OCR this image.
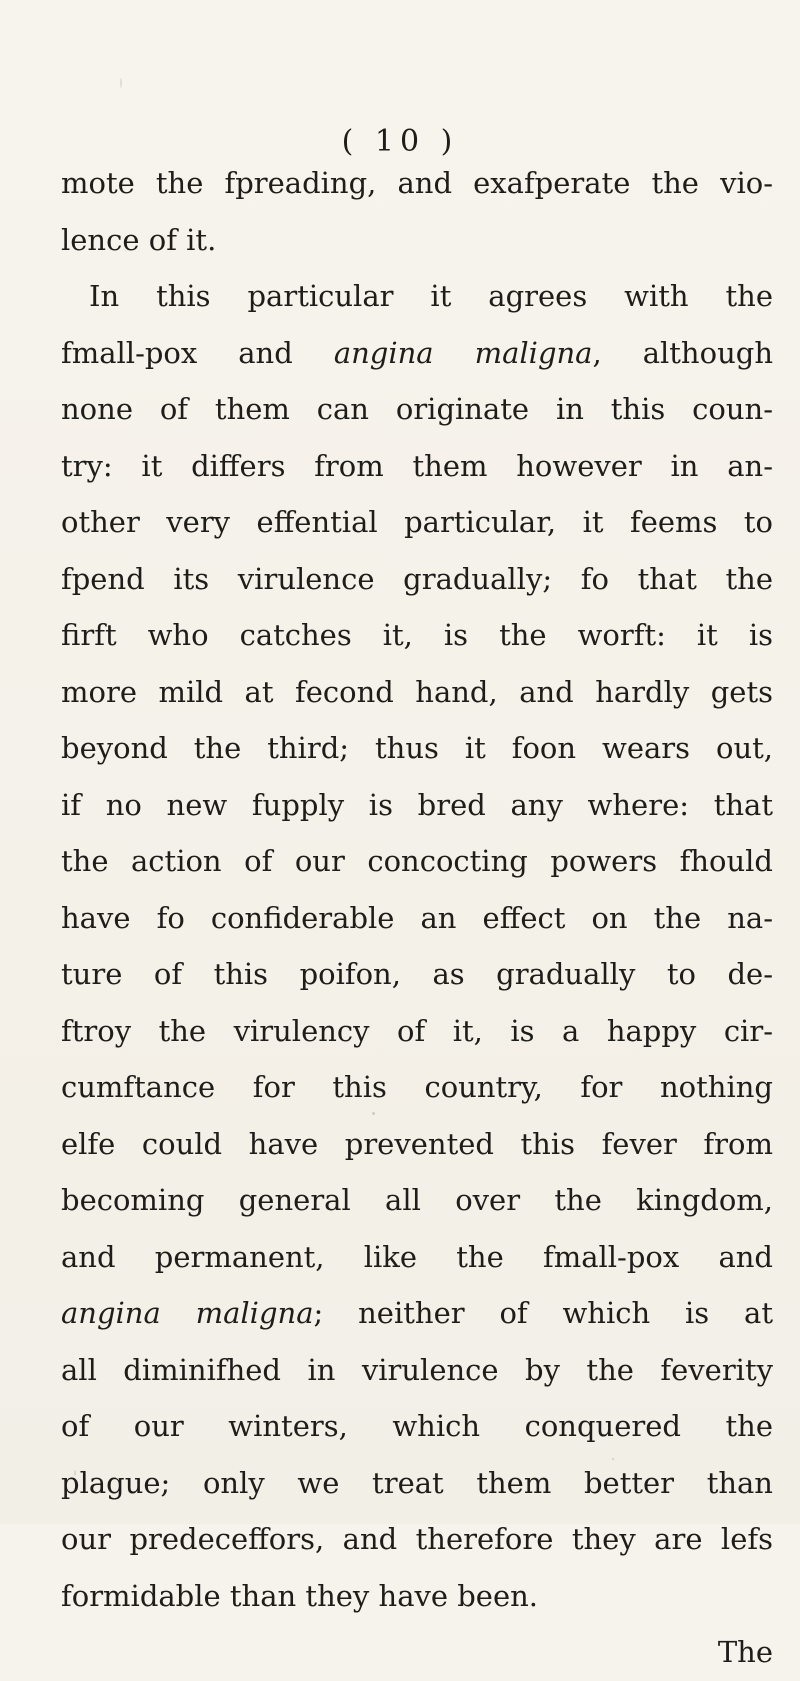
( 10 )
mote the fpreading, and exafperate the vio-
lence of it.
In this particular it agrees with the
fmall-pox and angina maligna, although
none of them can originate in this coun-
try: it differs from them however in an-
other very effential particular, it feems to
fpend its virulence gradually; fo that the
firft who catches it, is the worft: it is
more mild at fecond hand, and hardly gets
beyond the third; thus it foon wears out,
if no new fupply is bred any where: that
the action of our concocting powers fhould
have fo confiderable an effect on the na-
ture of this poifon, as gradually to de-
ftroy the virulency of it, is a happy cir-
cumftance for this country, for nothing
elfe could have prevented this fever from
becoming general all over the kingdom,
and permanent, like the fmall-pox and
angina maligna; neither of which is at
all diminifhed in virulence by the feverity
of our winters, which conquered the
plague; only we treat them better than
our predeceffors, and therefore they are lefs
formidable than they have been.
The
